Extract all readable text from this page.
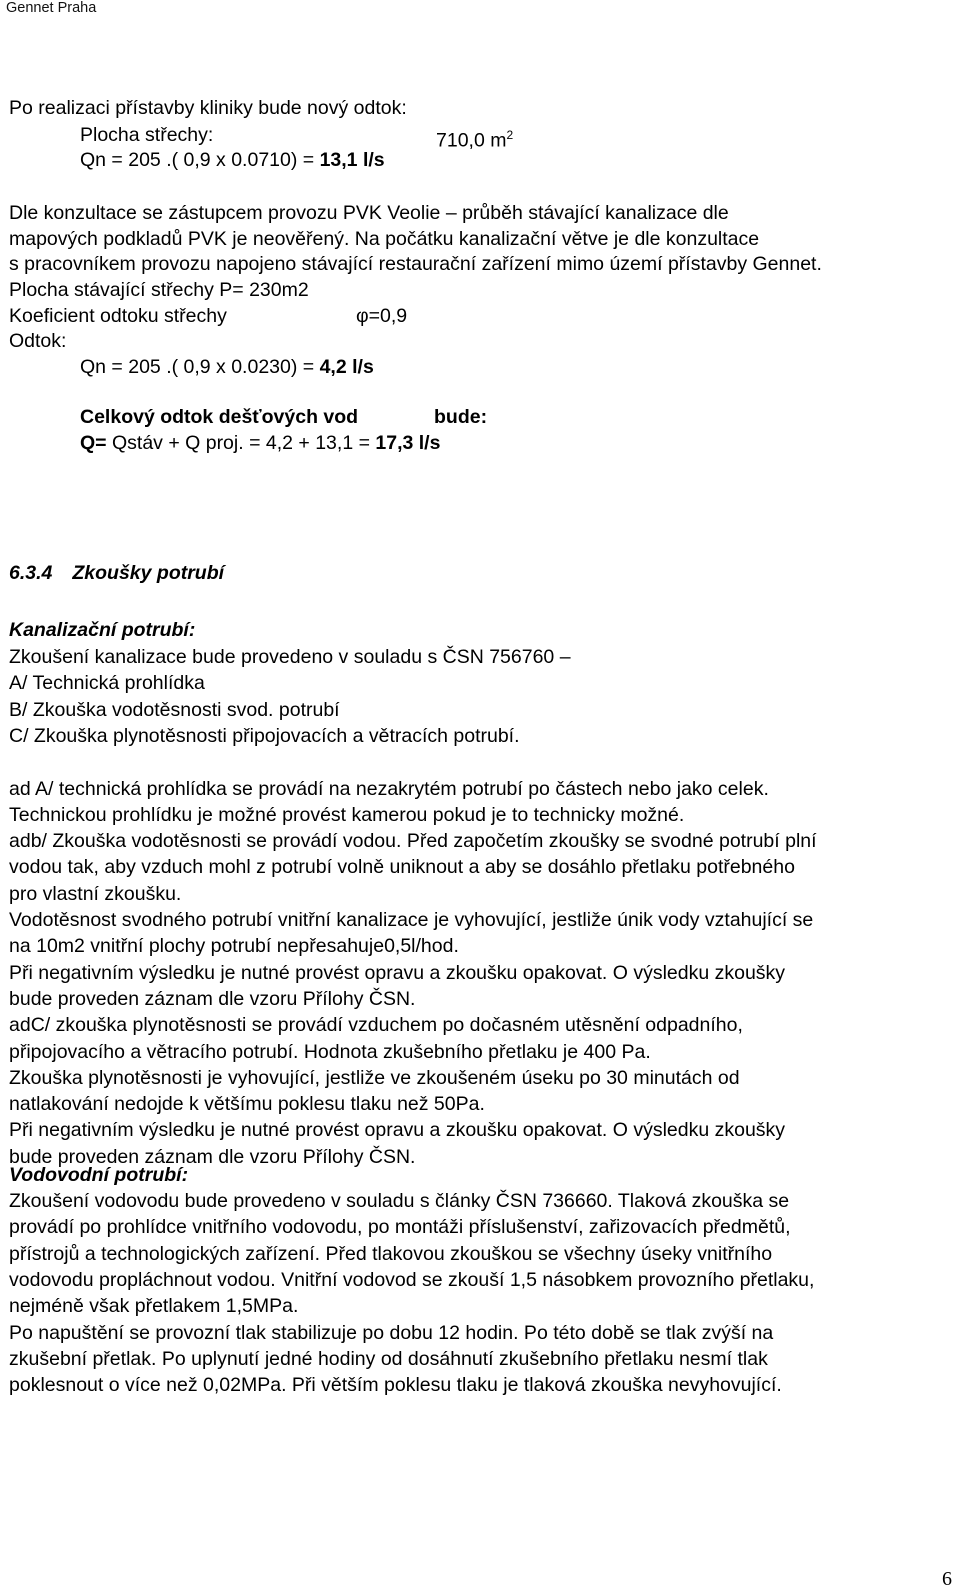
Gennet Praha
Po realizaci přístavby kliniky bude nový odtok:
Plocha střechy:	710,0 $m^2$
Qn = 205 .( 0,9 x 0.0710) = 13,1 l/s
Dle konzultace se zástupcem provozu PVK Veolie – průběh stávající kanalizace dle
mapových podkladů PVK je neověřený. Na počátku kanalizační větve je dle konzultace
s pracovníkem provozu napojeno stávající restaurační zařízení mimo území přístavby Gennet.
Plocha stávající střechy P= 230m2
Koeficient odtoku střechy	φ=0,9
Odtok:
Qn = 205 .( 0,9 x 0.0230) = 4,2 l/s
Celkový odtok dešťových vod	bude:
Q= Qstáv + Q proj. = 4,2 + 13,1 = 17,3 l/s
6.3.4 Zkoušky potrubí
Kanalizační potrubí:
Zkoušení kanalizace bude provedeno v souladu s ČSN 756760 –
A/ Technická prohlídka
B/ Zkouška vodotěsnosti svod. potrubí
C/ Zkouška plynotěsnosti připojovacích a větracích potrubí.
ad A/ technická prohlídka se provádí na nezakrytém potrubí po částech nebo jako celek.
Technickou prohlídku je možné provést kamerou pokud je to technicky možné.
adb/ Zkouška vodotěsnosti se provádí vodou. Před započetím zkoušky se svodné potrubí plní
vodou tak, aby vzduch mohl z potrubí volně uniknout a aby se dosáhlo přetlaku potřebného
pro vlastní zkoušku.
Vodotěsnost svodného potrubí vnitřní kanalizace je vyhovující, jestliže únik vody vztahující se
na 10m2 vnitřní plochy potrubí nepřesahuje0,5l/hod.
Při negativním výsledku je nutné provést opravu a zkoušku opakovat. O výsledku zkoušky
bude proveden záznam dle vzoru Přílohy ČSN.
adC/ zkouška plynotěsnosti se provádí vzduchem po dočasném utěsnění odpadního,
připojovacího a větracího potrubí. Hodnota zkušebního přetlaku je 400 Pa.
Zkouška plynotěsnosti je vyhovující, jestliže ve zkoušeném úseku po 30 minutách od
natlakování nedojde k většímu poklesu tlaku než 50Pa.
Při negativním výsledku je nutné provést opravu a zkoušku opakovat. O výsledku zkoušky
bude proveden záznam dle vzoru Přílohy ČSN.
Vodovodní potrubí:
Zkoušení vodovodu bude provedeno v souladu s články ČSN 736660. Tlaková zkouška se
provádí po prohlídce vnitřního vodovodu, po montáži příslušenství, zařizovacích předmětů,
přístrojů a technologických zařízení. Před tlakovou zkouškou se všechny úseky vnitřního
vodovodu propláchnout vodou. Vnitřní vodovod se zkouší 1,5 násobkem provozního přetlaku,
nejméně však přetlakem 1,5MPa.
Po napuštění se provozní tlak stabilizuje po dobu 12 hodin. Po této době se tlak zvýší na
zkušební přetlak. Po uplynutí jedné hodiny od dosáhnutí zkušebního přetlaku nesmí tlak
poklesnout o více než 0,02MPa. Při větším poklesu tlaku je tlaková zkouška nevyhovující.
6
